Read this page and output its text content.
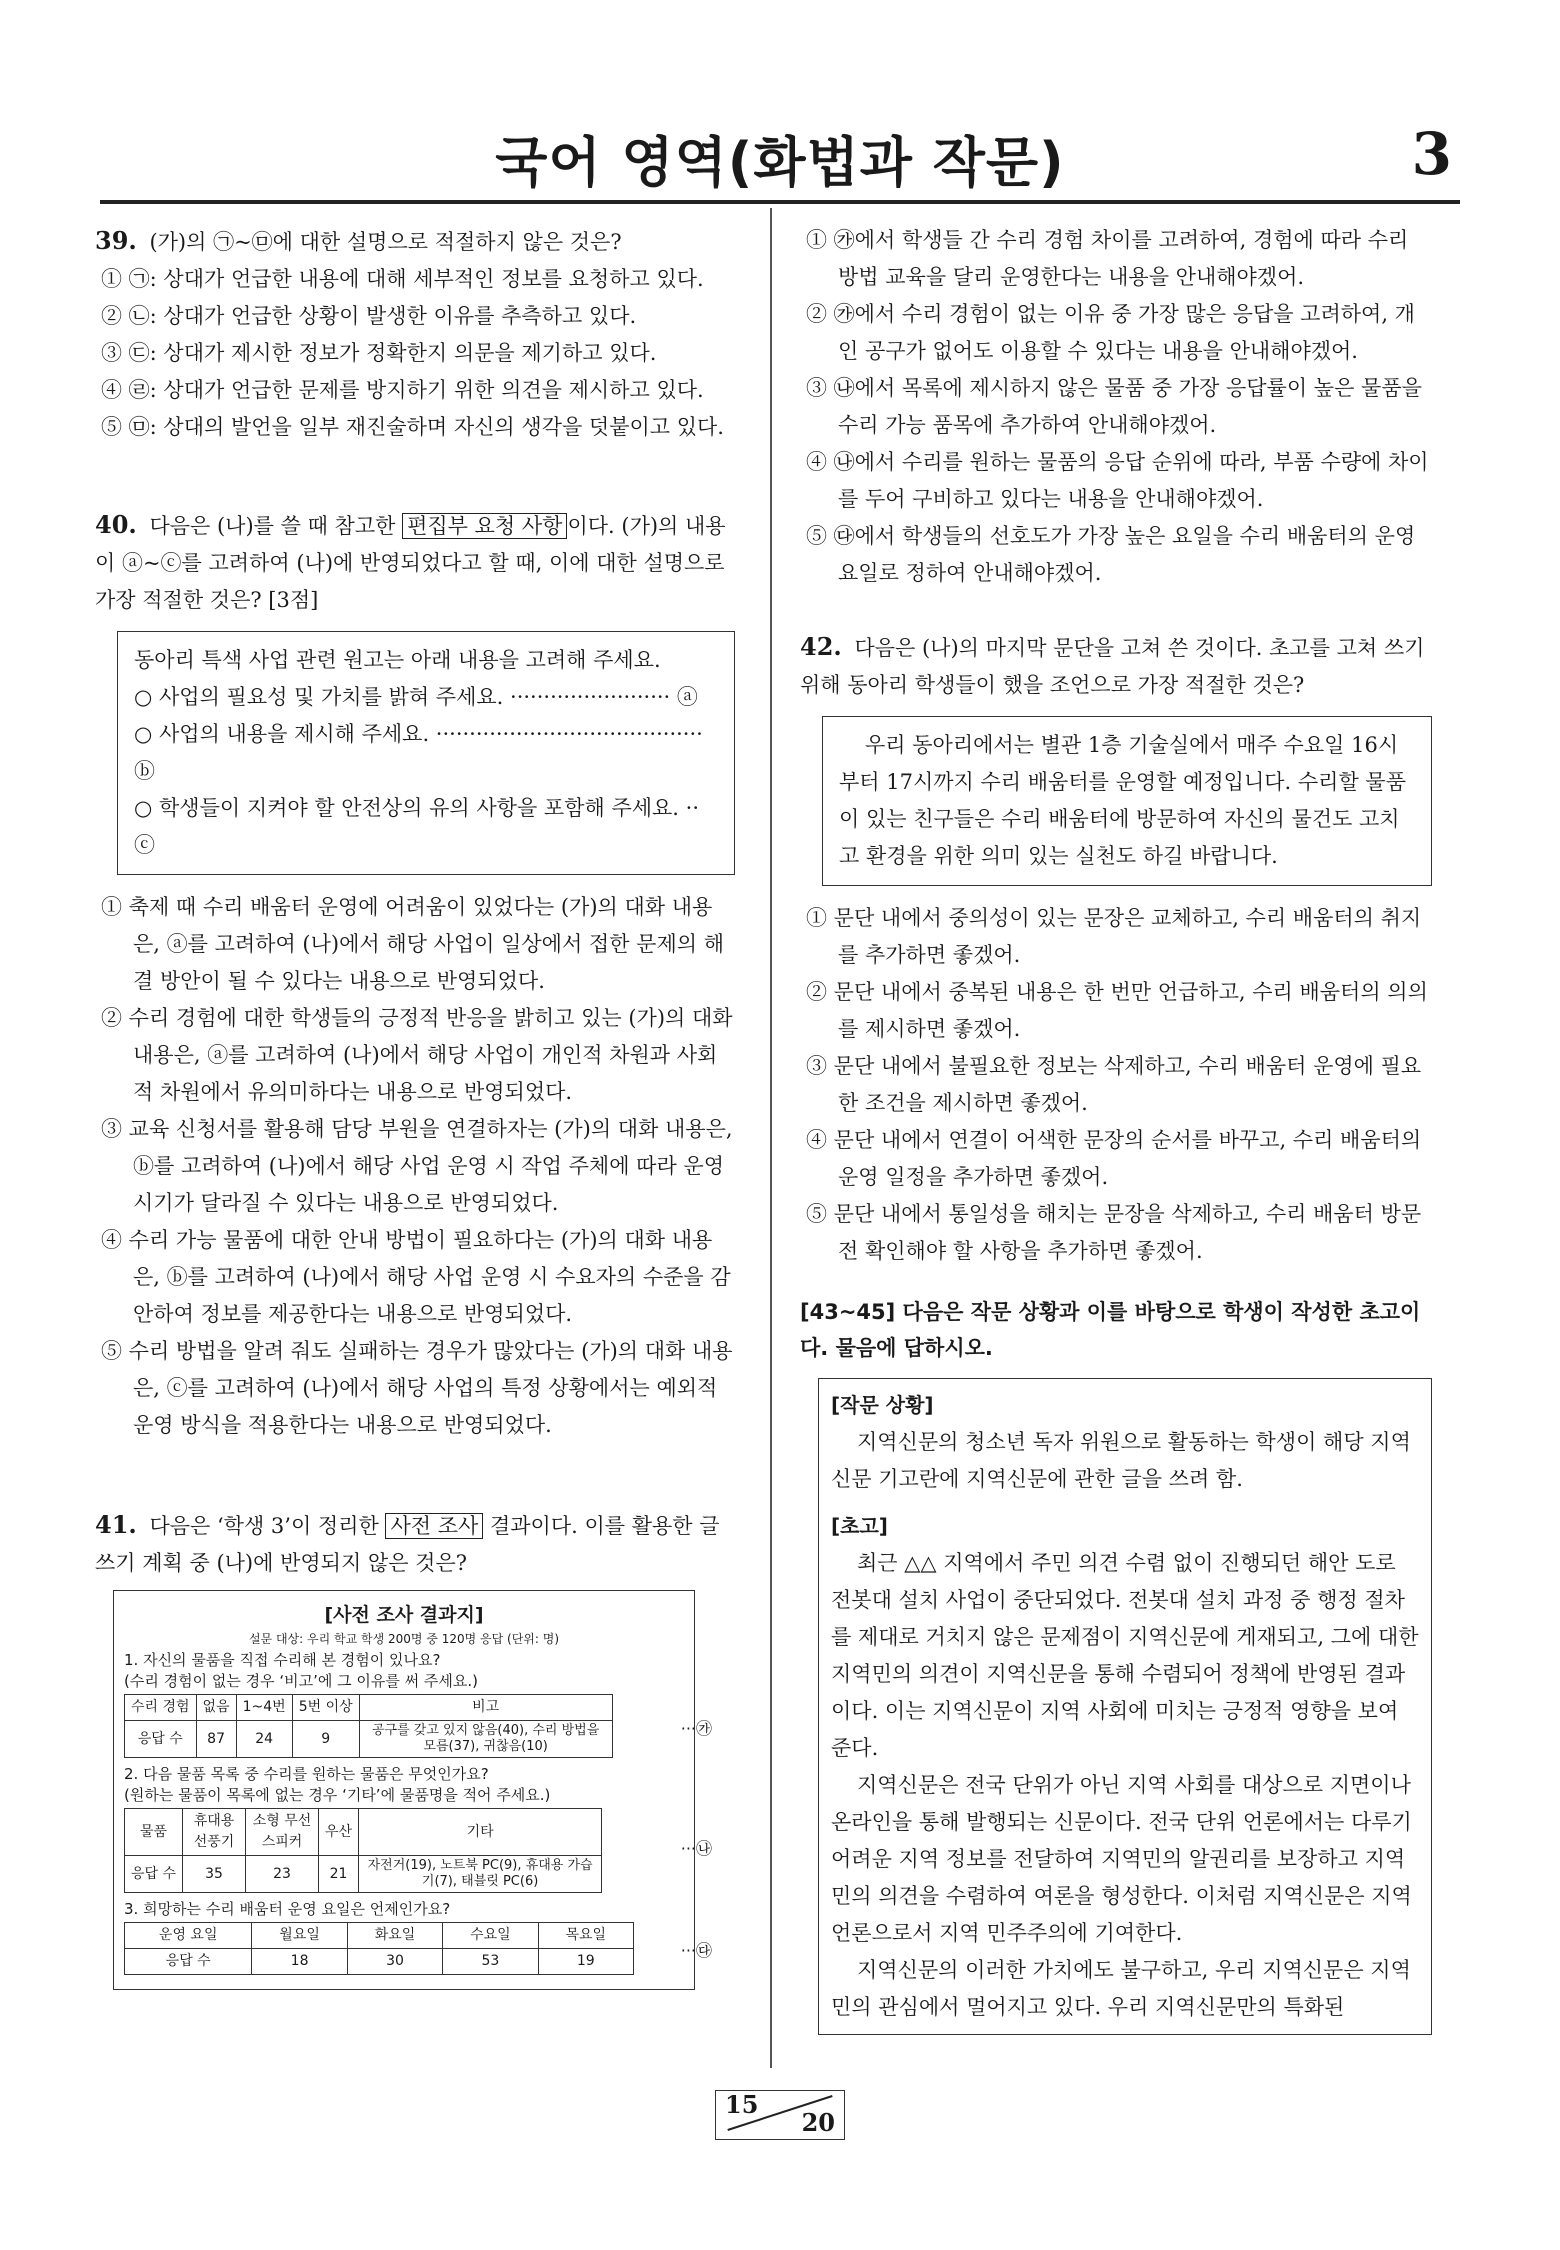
국어 영역(화법과 작문)	3

39. (가)의 ㉠~㉤에 대한 설명으로 적절하지 않은 것은?

① ㉠: 상대가 언급한 내용에 대해 세부적인 정보를 요청하고 있다.

② ㉡: 상대가 언급한 상황이 발생한 이유를 추측하고 있다.

③ ㉢: 상대가 제시한 정보가 정확한지 의문을 제기하고 있다.

④ ㉣: 상대가 언급한 문제를 방지하기 위한 의견을 제시하고 있다.

⑤ ㉤: 상대의 발언을 일부 재진술하며 자신의 생각을 덧붙이고 있다.

40. 다음은 (나)를 쓸 때 참고한 편집부 요청 사항 이다. (가)의 내용이 ⓐ~ⓒ를 고려하여 (나)에 반영되었다고 할 때, 이에 대한 설명으로 가장 적절한 것은? [3점]

동아리 특색 사업 관련 원고는 아래 내용을 고려해 주세요.
○ 사업의 필요성 및 가치를 밝혀 주세요. ························ ⓐ
○ 사업의 내용을 제시해 주세요. ········································ ⓑ
○ 학생들이 지켜야 할 안전상의 유의 사항을 포함해 주세요. ·· ⓒ

① 축제 때 수리 배움터 운영에 어려움이 있었다는 (가)의 대화 내용은, ⓐ를 고려하여 (나)에서 해당 사업이 일상에서 접한 문제의 해결 방안이 될 수 있다는 내용으로 반영되었다.

② 수리 경험에 대한 학생들의 긍정적 반응을 밝히고 있는 (가)의 대화 내용은, ⓐ를 고려하여 (나)에서 해당 사업이 개인적 차원과 사회적 차원에서 유의미하다는 내용으로 반영되었다.

③ 교육 신청서를 활용해 담당 부원을 연결하자는 (가)의 대화 내용은, ⓑ를 고려하여 (나)에서 해당 사업 운영 시 작업 주체에 따라 운영 시기가 달라질 수 있다는 내용으로 반영되었다.

④ 수리 가능 물품에 대한 안내 방법이 필요하다는 (가)의 대화 내용은, ⓑ를 고려하여 (나)에서 해당 사업 운영 시 수요자의 수준을 감안하여 정보를 제공한다는 내용으로 반영되었다.

⑤ 수리 방법을 알려 줘도 실패하는 경우가 많았다는 (가)의 대화 내용은, ⓒ를 고려하여 (나)에서 해당 사업의 특정 상황에서는 예외적 운영 방식을 적용한다는 내용으로 반영되었다.

41. 다음은 ‘학생 3’이 정리한 사전 조사 결과이다. 이를 활용한 글쓰기 계획 중 (나)에 반영되지 않은 것은?

[사전 조사 결과지]
설문 대상: 우리 학교 학생 200명 중 120명 응답 (단위: 명)
1. 자신의 물품을 직접 수리해 본 경험이 있나요?
(수리 경험이 없는 경우 ‘비고’에 그 이유를 써 주세요.)
수리 경험	없음	1~4번	5번 이상	비고
응답 수	87	24	9	공구를 갖고 있지 않음(40), 수리 방법을 모름(37), 귀찮음(10)
···㉮
2. 다음 물품 목록 중 수리를 원하는 물품은 무엇인가요?
(원하는 물품이 목록에 없는 경우 ‘기타’에 물품명을 적어 주세요.)
물품	휴대용 선풍기	소형 무선 스피커	우산	기타
응답 수	35	23	21	자전거(19), 노트북 PC(9), 휴대용 가습기(7), 태블릿 PC(6)
···㉯
3. 희망하는 수리 배움터 운영 요일은 언제인가요?
운영 요일	월요일	화요일	수요일	목요일
응답 수	18	30	53	19
···㉰

① ㉮에서 학생들 간 수리 경험 차이를 고려하여, 경험에 따라 수리 방법 교육을 달리 운영한다는 내용을 안내해야겠어.

② ㉮에서 수리 경험이 없는 이유 중 가장 많은 응답을 고려하여, 개인 공구가 없어도 이용할 수 있다는 내용을 안내해야겠어.

③ ㉯에서 목록에 제시하지 않은 물품 중 가장 응답률이 높은 물품을 수리 가능 품목에 추가하여 안내해야겠어.

④ ㉯에서 수리를 원하는 물품의 응답 순위에 따라, 부품 수량에 차이를 두어 구비하고 있다는 내용을 안내해야겠어.

⑤ ㉰에서 학생들의 선호도가 가장 높은 요일을 수리 배움터의 운영 요일로 정하여 안내해야겠어.

42. 다음은 (나)의 마지막 문단을 고쳐 쓴 것이다. 초고를 고쳐 쓰기 위해 동아리 학생들이 했을 조언으로 가장 적절한 것은?

우리 동아리에서는 별관 1층 기술실에서 매주 수요일 16시부터 17시까지 수리 배움터를 운영할 예정입니다. 수리할 물품이 있는 친구들은 수리 배움터에 방문하여 자신의 물건도 고치고 환경을 위한 의미 있는 실천도 하길 바랍니다.

① 문단 내에서 중의성이 있는 문장은 교체하고, 수리 배움터의 취지를 추가하면 좋겠어.

② 문단 내에서 중복된 내용은 한 번만 언급하고, 수리 배움터의 의의를 제시하면 좋겠어.

③ 문단 내에서 불필요한 정보는 삭제하고, 수리 배움터 운영에 필요한 조건을 제시하면 좋겠어.

④ 문단 내에서 연결이 어색한 문장의 순서를 바꾸고, 수리 배움터의 운영 일정을 추가하면 좋겠어.

⑤ 문단 내에서 통일성을 해치는 문장을 삭제하고, 수리 배움터 방문 전 확인해야 할 사항을 추가하면 좋겠어.

[43~45] 다음은 작문 상황과 이를 바탕으로 학생이 작성한 초고이다. 물음에 답하시오.
[작문 상황]

지역신문의 청소년 독자 위원으로 활동하는 학생이 해당 지역신문 기고란에 지역신문에 관한 글을 쓰려 함.

[초고]

최근 △△ 지역에서 주민 의견 수렴 없이 진행되던 해안 도로 전봇대 설치 사업이 중단되었다. 전봇대 설치 과정 중 행정 절차를 제대로 거치지 않은 문제점이 지역신문에 게재되고, 그에 대한 지역민의 의견이 지역신문을 통해 수렴되어 정책에 반영된 결과이다. 이는 지역신문이 지역 사회에 미치는 긍정적 영향을 보여 준다.

지역신문은 전국 단위가 아닌 지역 사회를 대상으로 지면이나 온라인을 통해 발행되는 신문이다. 전국 단위 언론에서는 다루기 어려운 지역 정보를 전달하여 지역민의 알권리를 보장하고 지역민의 의견을 수렴하여 여론을 형성한다. 이처럼 지역신문은 지역 언론으로서 지역 민주주의에 기여한다.

지역신문의 이러한 가치에도 불구하고, 우리 지역신문은 지역민의 관심에서 멀어지고 있다. 우리 지역신문만의 특화된

15
20
